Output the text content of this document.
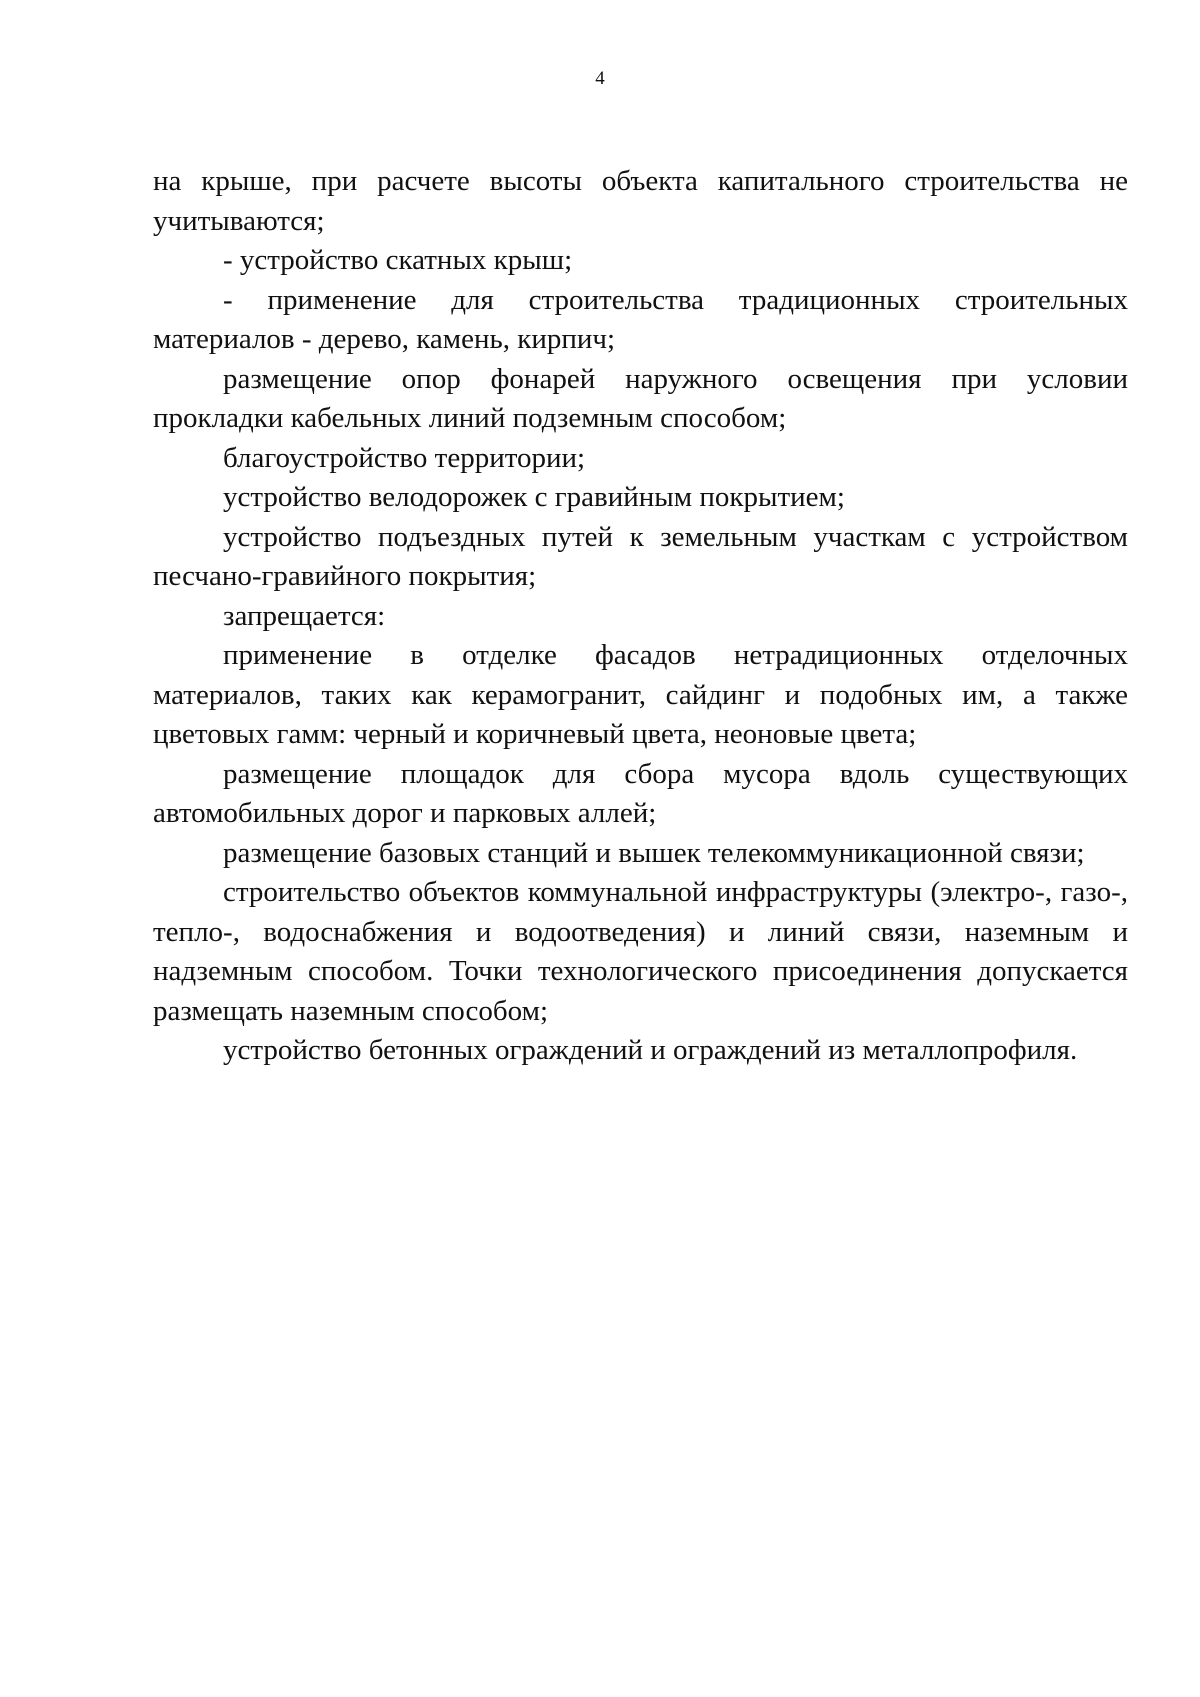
4

на крыше, при расчете высоты объекта капитального строительства не учитываются;

- устройство скатных крыш;

- применение для строительства традиционных строительных материалов - дерево, камень, кирпич;

размещение опор фонарей наружного освещения при условии прокладки кабельных линий подземным способом;

благоустройство территории;

устройство велодорожек с гравийным покрытием;

устройство подъездных путей к земельным участкам с устройством песчано-гравийного покрытия;

запрещается:

применение в отделке фасадов нетрадиционных отделочных материалов, таких как керамогранит, сайдинг и подобных им, а также цветовых гамм: черный и коричневый цвета, неоновые цвета;

размещение площадок для сбора мусора вдоль существующих автомобильных дорог и парковых аллей;

размещение базовых станций и вышек телекоммуникационной связи;

строительство объектов коммунальной инфраструктуры (электро-, газо-, тепло-, водоснабжения и водоотведения) и линий связи, наземным и надземным способом. Точки технологического присоединения допускается размещать наземным способом;

устройство бетонных ограждений и ограждений из металлопрофиля.
